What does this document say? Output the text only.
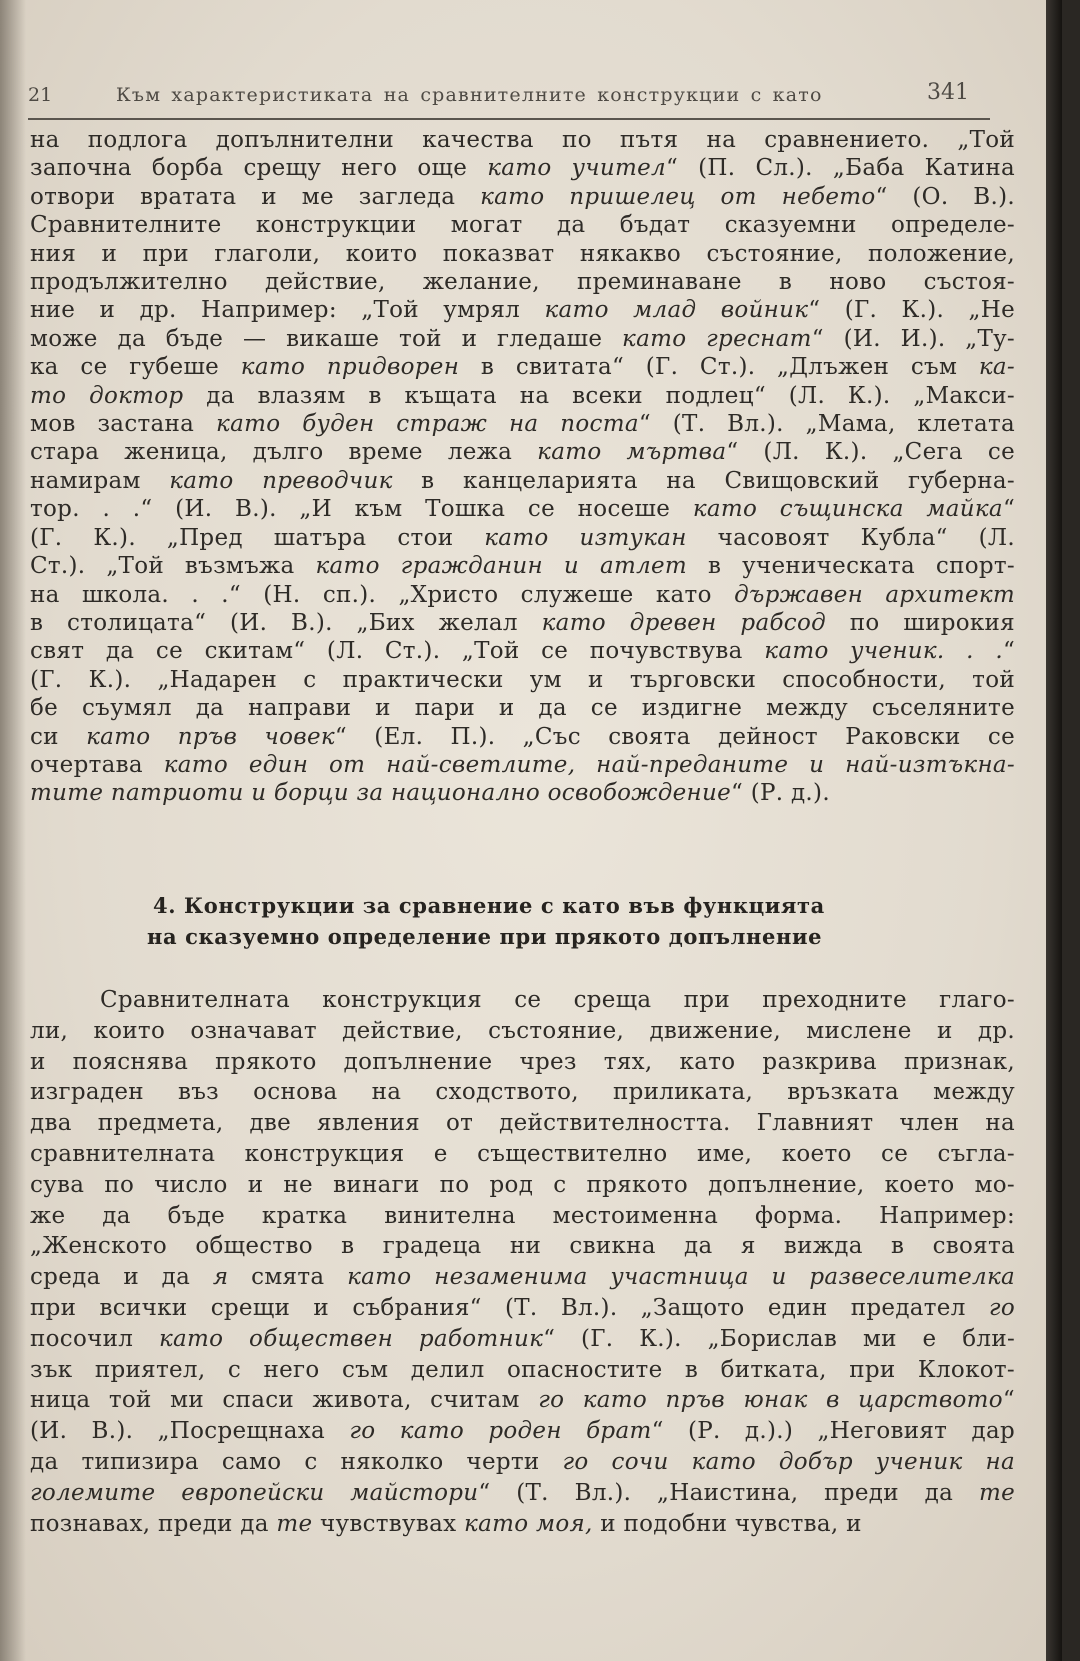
21	Към характеристиката на сравнителните конструкции с като	341
на подлога допълнителни качества по пътя на сравнението. „Той
започна борба срещу него още като учител“ (П. Сл.). „Баба Катина
отвори вратата и ме загледа като пришелец от небето“ (О. В.).
Сравнителните конструкции могат да бъдат сказуемни определе-
ния и при глаголи, които показват някакво състояние, положение,
продължително действие, желание, преминаване в ново състоя-
ние и др. Например: „Той умрял като млад войник“ (Г. К.). „Не
може да бъде — викаше той и гледаше като греснат“ (И. И.). „Ту-
ка се губеше като придворен в свитата“ (Г. Ст.). „Длъжен съм ка-
то доктор да влазям в къщата на всеки подлец“ (Л. К.). „Макси-
мов застана като буден страж на поста“ (Т. Вл.). „Мама, клетата
стара женица, дълго време лежа като мъртва“ (Л. К.). „Сега се
намирам като преводчик в канцеларията на Свищовский губерна-
тор. . .“ (И. В.). „И към Тошка се носеше като същинска майка“
(Г. К.). „Пред шатъра стои като изтукан часовоят Кубла“ (Л.
Ст.). „Той възмъжа като гражданин и атлет в ученическата спорт-
на школа. . .“ (Н. сп.). „Христо служеше като държавен архитект
в столицата“ (И. В.). „Бих желал като древен рабсод по широкия
свят да се скитам“ (Л. Ст.). „Той се почувствува като ученик. . .“
(Г. К.). „Надарен с практически ум и търговски способности, той
бе съумял да направи и пари и да се издигне между съселяните
си като пръв човек“ (Ел. П.). „Със своята дейност Раковски се
очертава като един от най-светлите, най-преданите и най-изтъкна-
тите патриоти и борци за национално освобождение“ (Р. д.).
4. Конструкции за сравнение с като във функцията
на сказуемно определение при прякото допълнение
Сравнителната конструкция се среща при преходните глаго-
ли, които означават действие, състояние, движение, мислене и др.
и пояснява прякото допълнение чрез тях, като разкрива признак,
изграден въз основа на сходството, приликата, връзката между
два предмета, две явления от действителността. Главният член на
сравнителната конструкция е съществително име, което се съгла-
сува по число и не винаги по род с прякото допълнение, което мо-
же да бъде кратка винителна местоименна форма. Например:
„Женското общество в градеца ни свикна да я вижда в своята
среда и да я смята като незаменима участница и развеселителка
при всички срещи и събрания“ (Т. Вл.). „Защото един предател го
посочил като обществен работник“ (Г. К.). „Борислав ми е бли-
зък приятел, с него съм делил опасностите в битката, при Клокот-
ница той ми спаси живота, считам го като пръв юнак в царството“
(И. В.). „Посрещнаха го като роден брат“ (Р. д.).) „Неговият дар
да типизира само с няколко черти го сочи като добър ученик на
големите европейски майстори“ (Т. Вл.). „Наистина, преди да те
познавах, преди да те чувствувах като моя, и подобни чувства, и
